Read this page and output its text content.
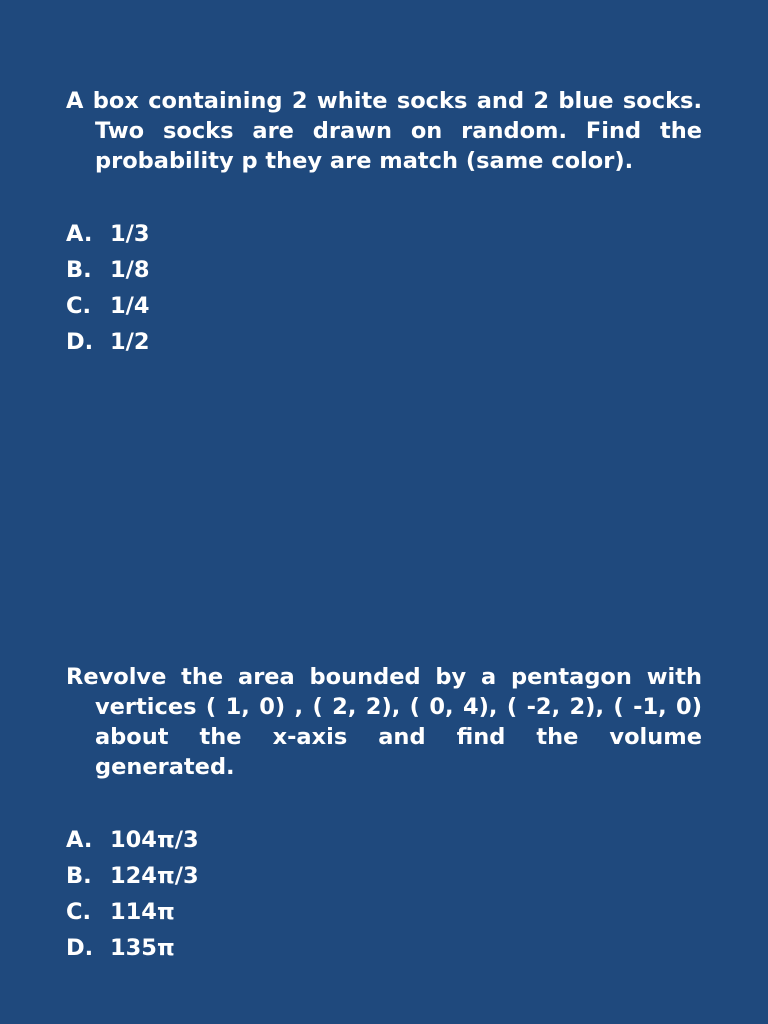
A box containing 2 white socks and 2 blue socks. Two socks are drawn on random. Find the probability p they are match (same color).

A. 1/3
B. 1/8
C. 1/4
D. 1/2

Revolve the area bounded by a pentagon with vertices ( 1, 0) , ( 2, 2), ( 0, 4), ( -2, 2), ( -1, 0) about the x-axis and find the volume generated.

A. 104π/3
B. 124π/3
C. 114π
D. 135π
